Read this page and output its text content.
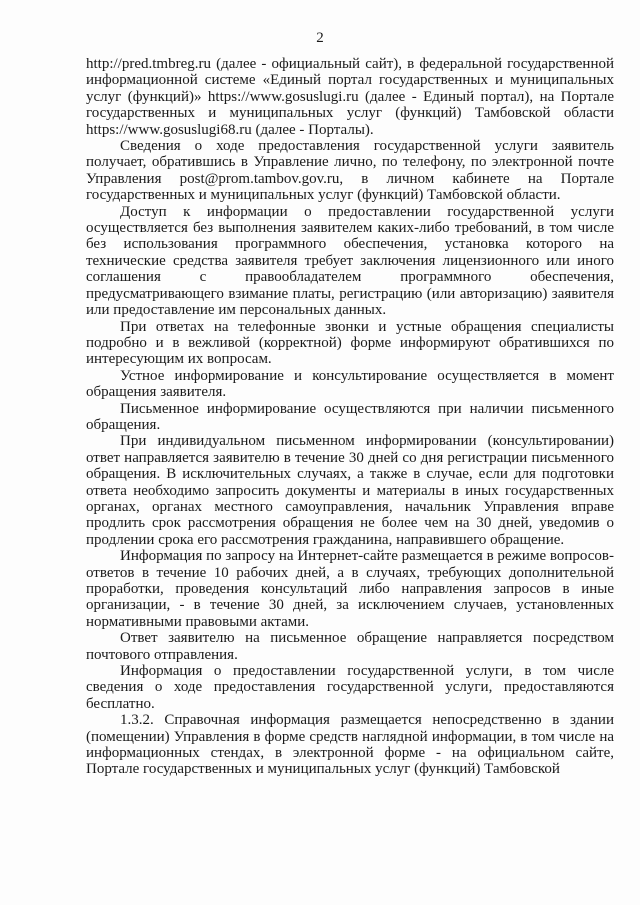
2

http://pred.tmbreg.ru (далее - официальный сайт), в федеральной государственной информационной системе «Единый портал государственных и муниципальных услуг (функций)» https://www.gosuslugi.ru (далее - Единый портал), на Портале государственных и муниципальных услуг (функций) Тамбовской области https://www.gosuslugi68.ru (далее - Порталы).

Сведения о ходе предоставления государственной услуги заявитель получает, обратившись в Управление лично, по телефону, по электронной почте Управления post@prom.tambov.gov.ru, в личном кабинете на Портале государственных и муниципальных услуг (функций) Тамбовской области.

Доступ к информации о предоставлении государственной услуги осуществляется без выполнения заявителем каких-либо требований, в том числе без использования программного обеспечения, установка которого на технические средства заявителя требует заключения лицензионного или иного соглашения с правообладателем программного обеспечения, предусматривающего взимание платы, регистрацию (или авторизацию) заявителя или предоставление им персональных данных.

При ответах на телефонные звонки и устные обращения специалисты подробно и в вежливой (корректной) форме информируют обратившихся по интересующим их вопросам.

Устное информирование и консультирование осуществляется в момент обращения заявителя.

Письменное информирование осуществляются при наличии письменного обращения.

При индивидуальном письменном информировании (консультировании) ответ направляется заявителю в течение 30 дней со дня регистрации письменного обращения. В исключительных случаях, а также в случае, если для подготовки ответа необходимо запросить документы и материалы в иных государственных органах, органах местного самоуправления, начальник Управления вправе продлить срок рассмотрения обращения не более чем на 30 дней, уведомив о продлении срока его рассмотрения гражданина, направившего обращение.

Информация по запросу на Интернет-сайте размещается в режиме вопросов-ответов в течение 10 рабочих дней, а в случаях, требующих дополнительной проработки, проведения консультаций либо направления запросов в иные организации, - в течение 30 дней, за исключением случаев, установленных нормативными правовыми актами.

Ответ заявителю на письменное обращение направляется посредством почтового отправления.

Информация о предоставлении государственной услуги, в том числе сведения о ходе предоставления государственной услуги, предоставляются бесплатно.

1.3.2. Справочная информация размещается непосредственно в здании (помещении) Управления в форме средств наглядной информации, в том числе на информационных стендах, в электронной форме - на официальном сайте, Портале государственных и муниципальных услуг (функций) Тамбовской
